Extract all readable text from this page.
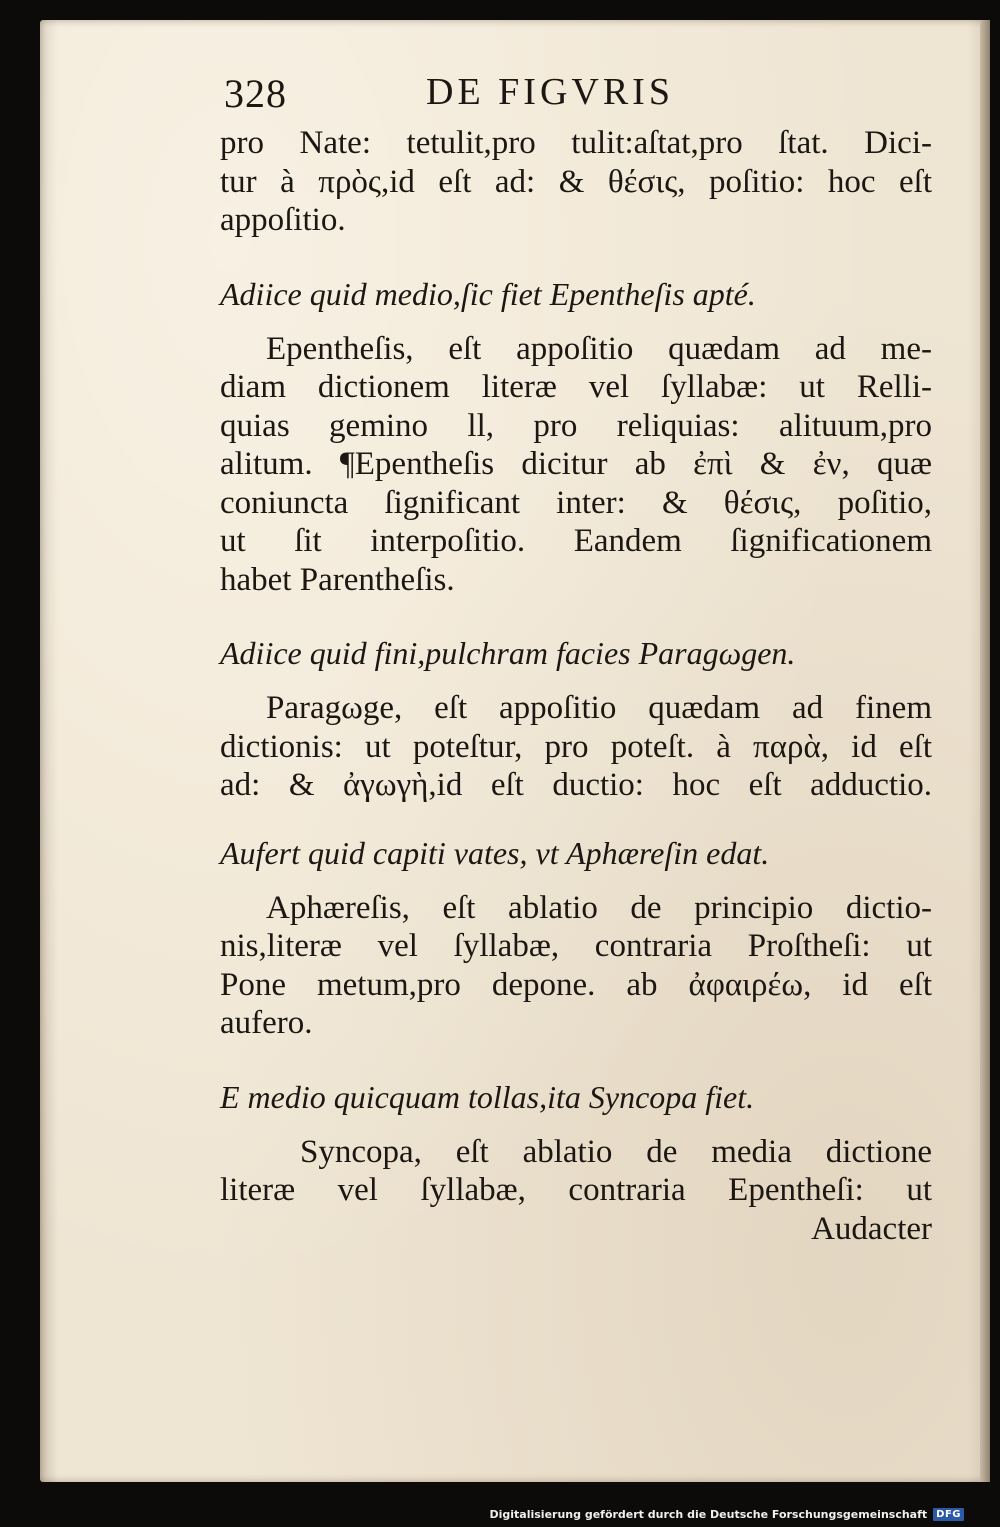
328	DE FIGVRIS
pro Nate: tetulit,pro tulit:aſtat,pro ſtat. Dici-
tur à πρὸς,id eſt ad: & θέσις, poſitio: hoc eſt
appoſitio.
Adiice quid medio,ſic fiet Epentheſis apté.
Epentheſis, eſt appoſitio quædam ad me-
diam dictionem literæ vel ſyllabæ: ut Relli-
quias gemino ll, pro reliquias: alituum,pro
alitum. ¶Epentheſis dicitur ab ἐπὶ & ἐν, quæ
coniuncta ſignificant inter: & θέσις, poſitio,
ut ſit interpoſitio. Eandem ſignificationem
habet Parentheſis.
Adiice quid fini,pulchram facies Paragωgen.
Paragωge, eſt appoſitio quædam ad finem
dictionis: ut poteſtur, pro poteſt. à παρὰ, id eſt
ad: & ἀγωγὴ,id eſt ductio: hoc eſt adductio.
Aufert quid capiti vates, vt Aphæreſin edat.
Aphæreſis, eſt ablatio de principio dictio-
nis,literæ vel ſyllabæ, contraria Proſtheſi: ut
Pone metum,pro depone. ab ἀφαιρέω, id eſt
aufero.
E medio quicquam tollas,ita Syncopa fiet.
Syncopa, eſt ablatio de media dictione
literæ vel ſyllabæ, contraria Epentheſi: ut
Audacter
Digitalisierung gefördert durch die Deutsche Forschungsgemeinschaft DFG
